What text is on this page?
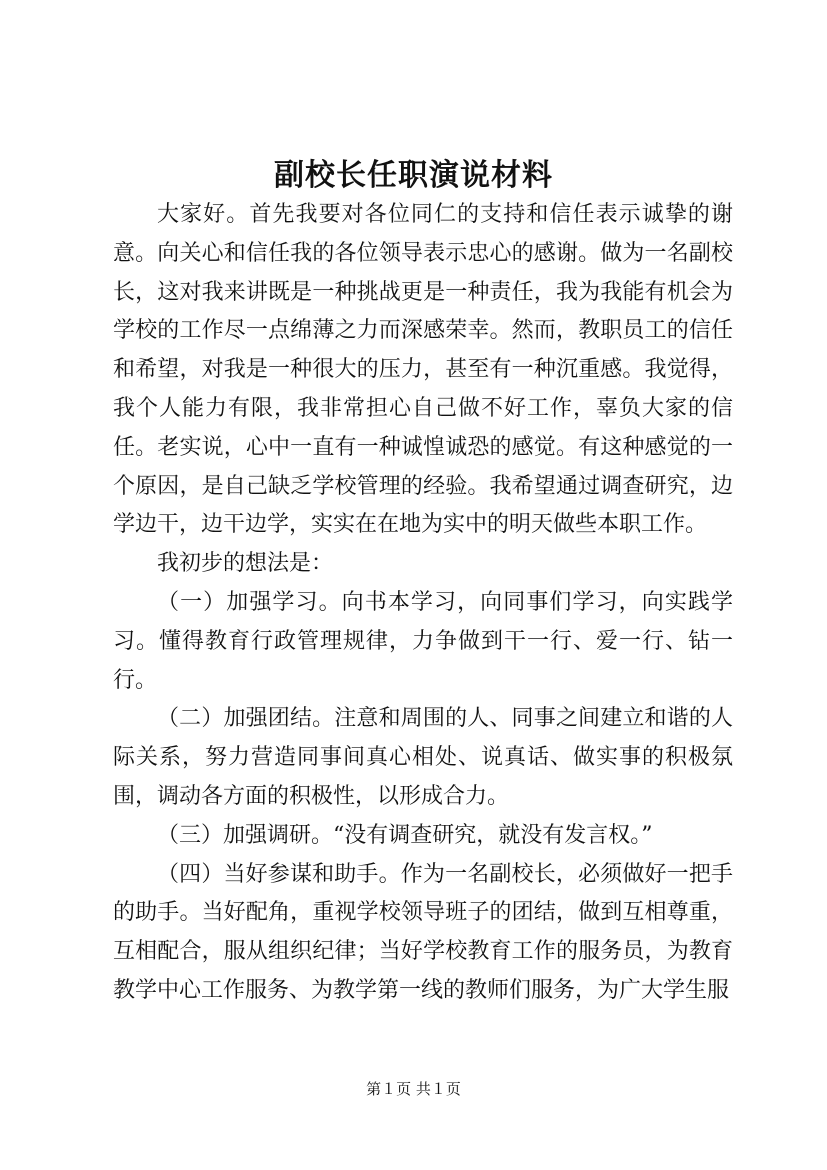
副校长任职演说材料

大家好。首先我要对各位同仁的支持和信任表示诚挚的谢意。向关心和信任我的各位领导表示忠心的感谢。做为一名副校长，这对我来讲既是一种挑战更是一种责任，我为我能有机会为学校的工作尽一点绵薄之力而深感荣幸。然而，教职员工的信任和希望，对我是一种很大的压力，甚至有一种沉重感。我觉得，我个人能力有限，我非常担心自己做不好工作，辜负大家的信任。老实说，心中一直有一种诚惶诚恐的感觉。有这种感觉的一个原因，是自己缺乏学校管理的经验。我希望通过调查研究，边学边干，边干边学，实实在在地为实中的明天做些本职工作。

我初步的想法是：

（一）加强学习。向书本学习，向同事们学习，向实践学习。懂得教育行政管理规律，力争做到干一行、爱一行、钻一行。

（二）加强团结。注意和周围的人、同事之间建立和谐的人际关系，努力营造同事间真心相处、说真话、做实事的积极氛围，调动各方面的积极性，以形成合力。

（三）加强调研。“没有调查研究，就没有发言权。”

（四）当好参谋和助手。作为一名副校长，必须做好一把手的助手。当好配角，重视学校领导班子的团结，做到互相尊重，互相配合，服从组织纪律；当好学校教育工作的服务员，为教育教学中心工作服务、为教学第一线的教师们服务，为广大学生服

第１页 共１页
